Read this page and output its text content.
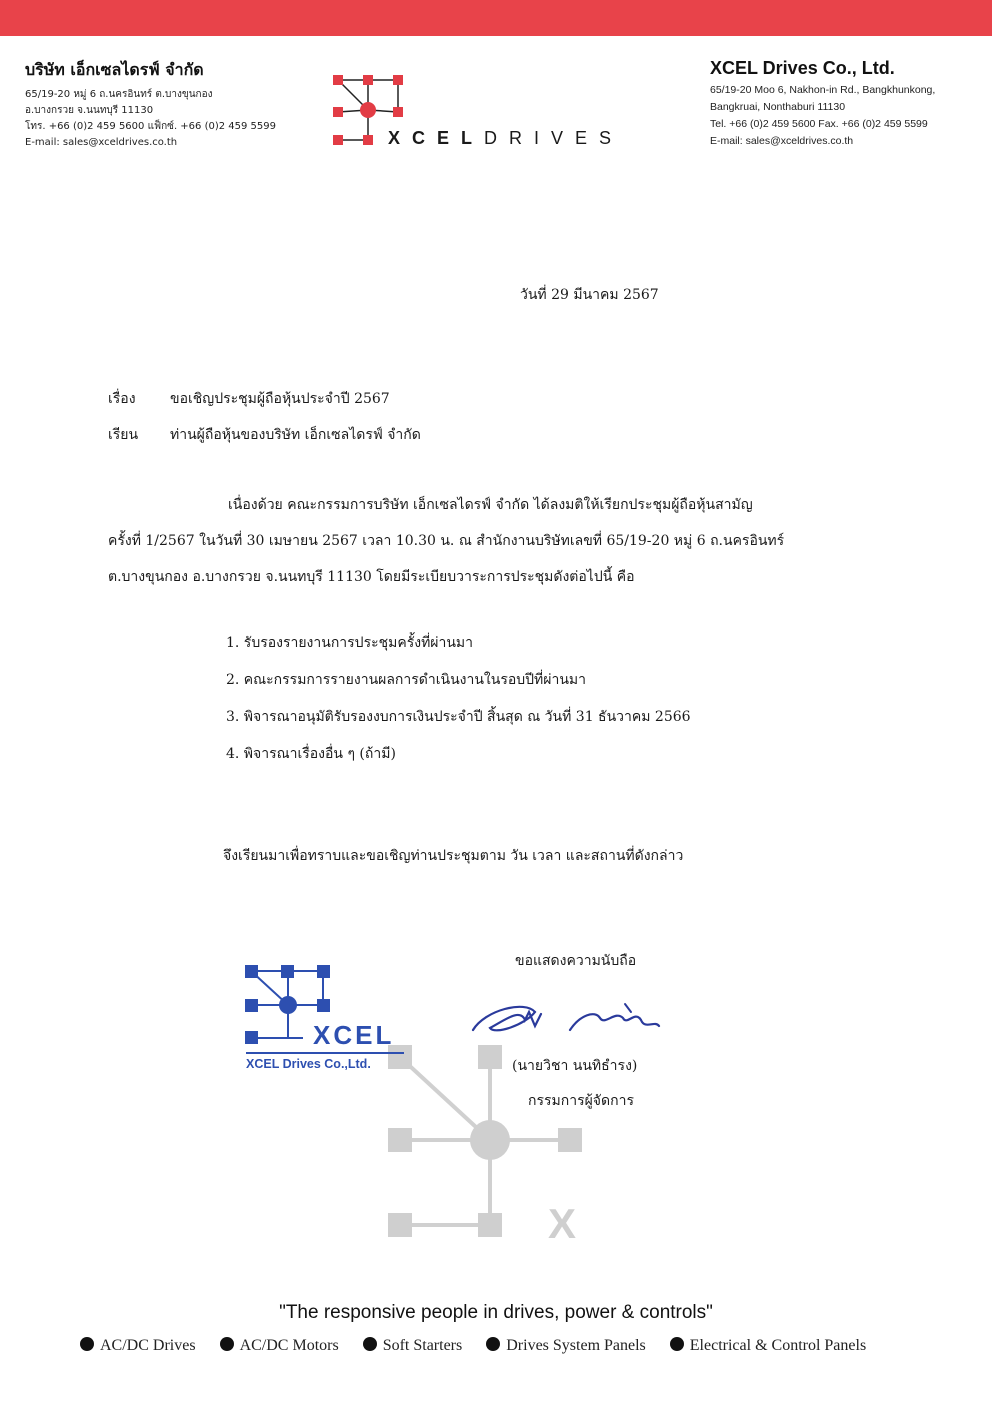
บริษัท เอ็กเซลไดรฟ์ จำกัด
65/19-20 หมู่ 6 ถ.นครอินทร์ ต.บางขุนกอง
อ.บางกรวย จ.นนทบุรี 11130
โทร. +66 (0)2 459 5600 แฟ็กซ์. +66 (0)2 459 5599
E-mail: sales@xceldrives.co.th	XCELDRIVES
XCEL Drives Co., Ltd.
65/19-20 Moo 6, Nakhon-in Rd., Bangkhunkong,
Bangkruai, Nonthaburi 11130
Tel. +66 (0)2 459 5600 Fax. +66 (0)2 459 5599
E-mail: sales@xceldrives.co.th
วันที่ 29 มีนาคม 2567
เรื่อง ขอเชิญประชุมผู้ถือหุ้นประจำปี 2567
เรียน ท่านผู้ถือหุ้นของบริษัท เอ็กเซลไดรฟ์ จำกัด
เนื่องด้วย คณะกรรมการบริษัท เอ็กเซลไดรฟ์ จำกัด ได้ลงมติให้เรียกประชุมผู้ถือหุ้นสามัญ
ครั้งที่ 1/2567 ในวันที่ 30 เมษายน 2567 เวลา 10.30 น. ณ สำนักงานบริษัทเลขที่ 65/19-20 หมู่ 6 ถ.นครอินทร์
ต.บางขุนกอง อ.บางกรวย จ.นนทบุรี 11130 โดยมีระเบียบวาระการประชุมดังต่อไปนี้ คือ
1. รับรองรายงานการประชุมครั้งที่ผ่านมา
2. คณะกรรมการรายงานผลการดำเนินงานในรอบปีที่ผ่านมา
3. พิจารณาอนุมัติรับรองงบการเงินประจำปี สิ้นสุด ณ วันที่ 31 ธันวาคม 2566
4. พิจารณาเรื่องอื่น ๆ (ถ้ามี)
จึงเรียนมาเพื่อทราบและขอเชิญท่านประชุมตาม วัน เวลา และสถานที่ดังกล่าว
ขอแสดงความนับถือ
X
XCEL
XCEL Drives Co.,Ltd.	(นายวิชา นนทิธำรง)
กรรมการผู้จัดการ
"The responsive people in drives, power & controls"
AC/DC Drives	AC/DC Motors	Soft Starters	Drives System Panels	Electrical & Control Panels
